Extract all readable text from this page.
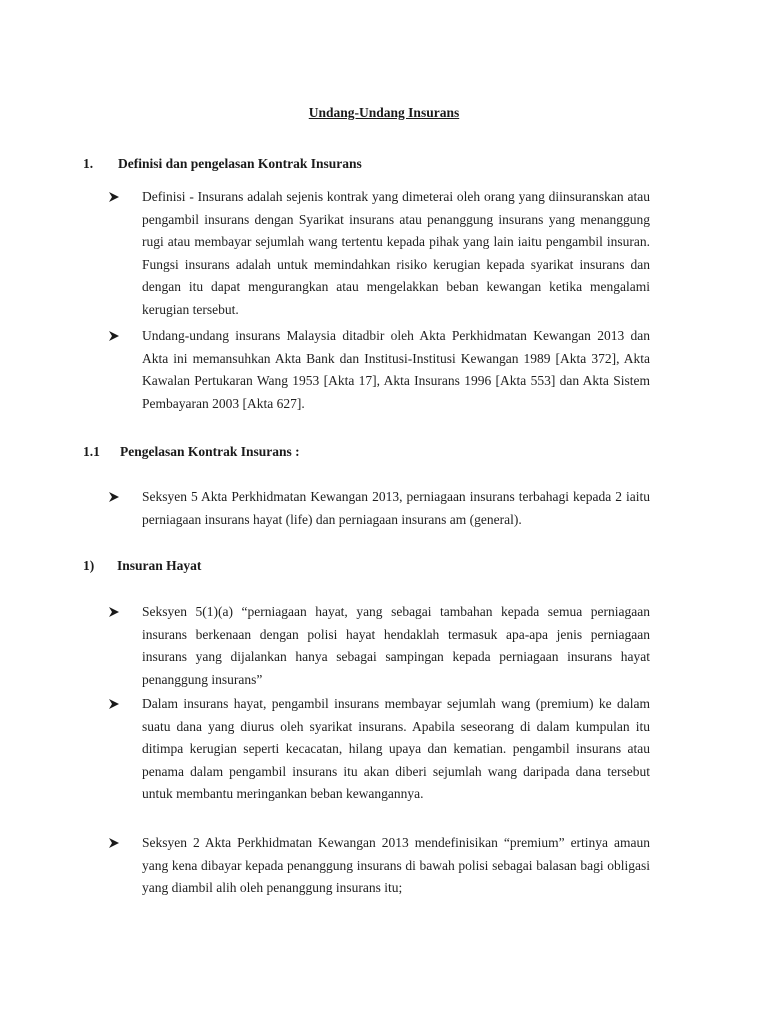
Undang-Undang Insurans
1. Definisi dan pengelasan Kontrak Insurans
Definisi - Insurans adalah sejenis kontrak yang dimeterai oleh orang yang diinsuranskan atau pengambil insurans dengan Syarikat insurans atau penanggung insurans yang menanggung rugi atau membayar sejumlah wang tertentu kepada pihak yang lain iaitu pengambil insuran. Fungsi insurans adalah untuk memindahkan risiko kerugian kepada syarikat insurans dan dengan itu dapat mengurangkan atau mengelakkan beban kewangan ketika mengalami kerugian tersebut.
Undang-undang insurans Malaysia ditadbir oleh Akta Perkhidmatan Kewangan 2013 dan Akta ini memansuhkan Akta Bank dan Institusi-Institusi Kewangan 1989 [Akta 372], Akta Kawalan Pertukaran Wang 1953 [Akta 17], Akta Insurans 1996 [Akta 553] dan Akta Sistem Pembayaran 2003 [Akta 627].
1.1 Pengelasan Kontrak Insurans :
Seksyen 5 Akta Perkhidmatan Kewangan 2013, perniagaan insurans terbahagi kepada 2 iaitu perniagaan insurans hayat (life) dan perniagaan insurans am (general).
1) Insuran Hayat
Seksyen 5(1)(a) “perniagaan hayat, yang sebagai tambahan kepada semua perniagaan insurans berkenaan dengan polisi hayat hendaklah termasuk apa-apa jenis perniagaan insurans yang dijalankan hanya sebagai sampingan kepada perniagaan insurans hayat penanggung insurans”
Dalam insurans hayat, pengambil insurans membayar sejumlah wang (premium) ke dalam suatu dana yang diurus oleh syarikat insurans. Apabila seseorang di dalam kumpulan itu ditimpa kerugian seperti kecacatan, hilang upaya dan kematian. pengambil insurans atau penama dalam pengambil insurans itu akan diberi sejumlah wang daripada dana tersebut untuk membantu meringankan beban kewangannya.
Seksyen 2 Akta Perkhidmatan Kewangan 2013 mendefinisikan “premium” ertinya amaun yang kena dibayar kepada penanggung insurans di bawah polisi sebagai balasan bagi obligasi yang diambil alih oleh penanggung insurans itu;
